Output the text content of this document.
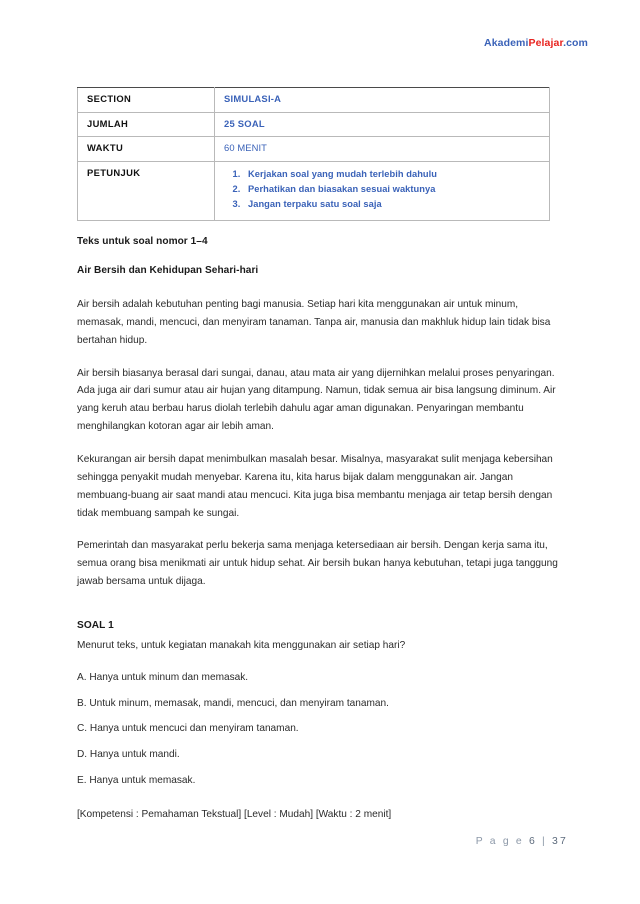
AkademiPelajar.com
SECTION	SIMULASI-A
JUMLAH	25 SOAL
WAKTU	60 MENIT
PETUNJUK	
1.Kerjakan soal yang mudah terlebih dahulu
2. Perhatikan dan biasakan sesuai waktunya
3. Jangan terpaku satu soal saja
Teks untuk soal nomor 1–4
Air Bersih dan Kehidupan Sehari-hari

Air bersih adalah kebutuhan penting bagi manusia. Setiap hari kita menggunakan air untuk minum, memasak, mandi, mencuci, dan menyiram tanaman. Tanpa air, manusia dan makhluk hidup lain tidak bisa bertahan hidup.

Air bersih biasanya berasal dari sungai, danau, atau mata air yang dijernihkan melalui proses penyaringan. Ada juga air dari sumur atau air hujan yang ditampung. Namun, tidak semua air bisa langsung diminum. Air yang keruh atau berbau harus diolah terlebih dahulu agar aman digunakan. Penyaringan membantu menghilangkan kotoran agar air lebih aman.

Kekurangan air bersih dapat menimbulkan masalah besar. Misalnya, masyarakat sulit menjaga kebersihan sehingga penyakit mudah menyebar. Karena itu, kita harus bijak dalam menggunakan air. Jangan membuang-buang air saat mandi atau mencuci. Kita juga bisa membantu menjaga air tetap bersih dengan tidak membuang sampah ke sungai.

Pemerintah dan masyarakat perlu bekerja sama menjaga ketersediaan air bersih. Dengan kerja sama itu, semua orang bisa menikmati air untuk hidup sehat. Air bersih bukan hanya kebutuhan, tetapi juga tanggung jawab bersama untuk dijaga.

SOAL 1
Menurut teks, untuk kegiatan manakah kita menggunakan air setiap hari?
A. Hanya untuk minum dan memasak.
B. Untuk minum, memasak, mandi, mencuci, dan menyiram tanaman.
C. Hanya untuk mencuci dan menyiram tanaman.
D. Hanya untuk mandi.
E. Hanya untuk memasak.
[Kompetensi : Pemahaman Tekstual] [Level : Mudah] [Waktu : 2 menit]
P a g e 6 | 37
